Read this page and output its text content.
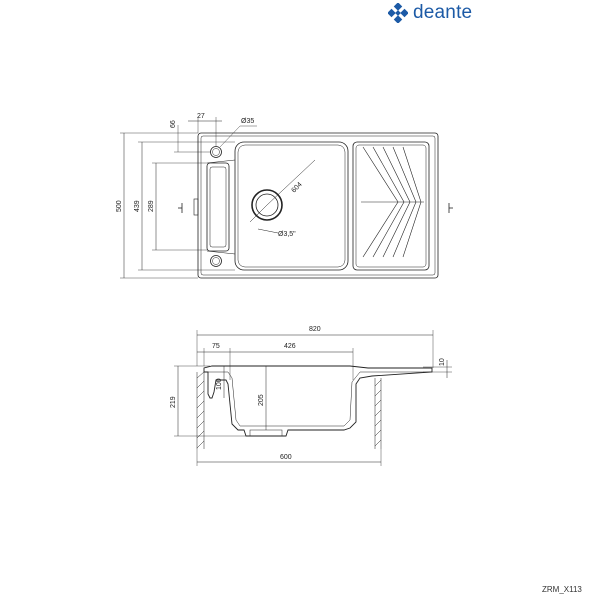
deante
27
66	Ø35
500 439 289
604
Ø3,5"
820
75	426
10
219
100
205
600
ZRM_X113
